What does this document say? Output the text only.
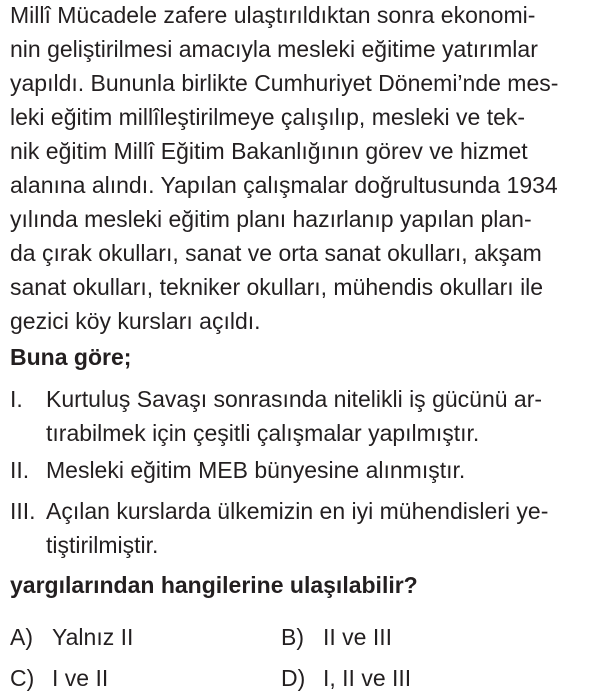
Millî Mücadele zafere ulaştırıldıktan sonra ekonomi-
nin geliştirilmesi amacıyla mesleki eğitime yatırımlar
yapıldı. Bununla birlikte Cumhuriyet Dönemi’nde mes-
leki eğitim millîleştirilmeye çalışılıp, mesleki ve tek-
nik eğitim Millî Eğitim Bakanlığının görev ve hizmet
alanına alındı. Yapılan çalışmalar doğrultusunda 1934
yılında mesleki eğitim planı hazırlanıp yapılan plan-
da çırak okulları, sanat ve orta sanat okulları, akşam
sanat okulları, tekniker okulları, mühendis okulları ile
gezici köy kursları açıldı.
Buna göre;
I. Kurtuluş Savaşı sonrasında nitelikli iş gücünü ar-
tırabilmek için çeşitli çalışmalar yapılmıştır.
II. Mesleki eğitim MEB bünyesine alınmıştır.
III. Açılan kurslarda ülkemizin en iyi mühendisleri ye-
tiştirilmiştir.
yargılarından hangilerine ulaşılabilir?
A) Yalnız II	B) II ve III
C) I ve II	D) I, II ve III
